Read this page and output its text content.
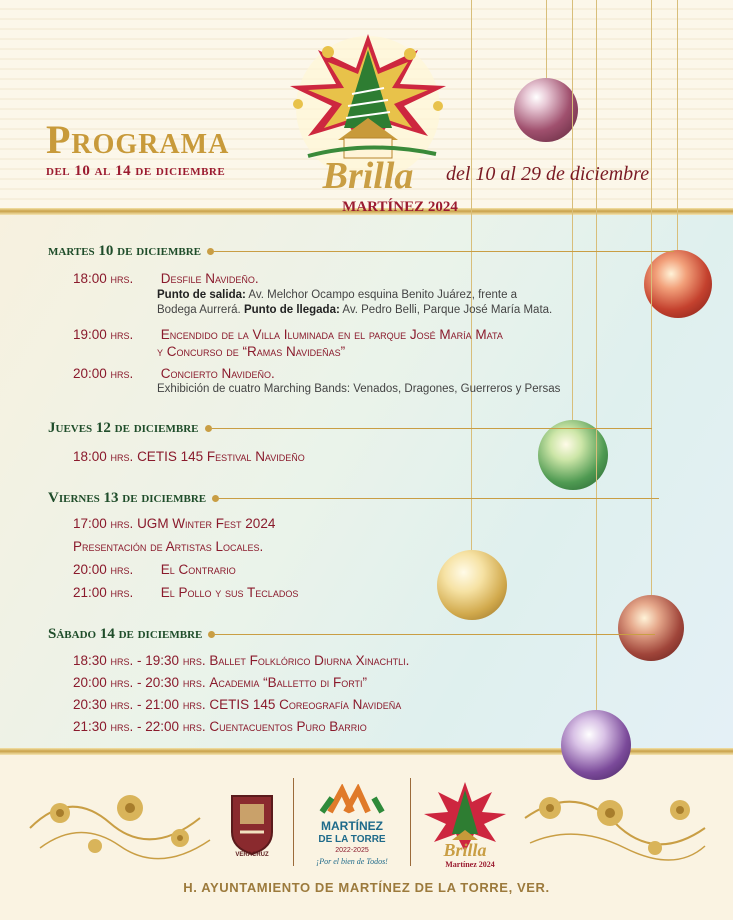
Programa
del 10 al 14 de diciembre	del 10 al 29 de diciembre
Brilla
MARTÍNEZ 2024
martes 10 de diciembre
18:00 hrs. Desfile Navideño.
Punto de salida: Av. Melchor Ocampo esquina Benito Juárez, frente a
Bodega Aurrerá. Punto de llegada: Av. Pedro Belli, Parque José María Mata.
19:00 hrs. Encendido de la Villa Iluminada en el parque José María Mata
y Concurso de “Ramas Navideñas”
20:00 hrs. Concierto Navideño.
Exhibición de cuatro Marching Bands: Venados, Dragones, Guerreros y Persas
Jueves 12 de diciembre
18:00 hrs. CETIS 145 Festival Navideño
Viernes 13 de diciembre
17:00 hrs. UGM Winter Fest 2024
Presentación de Artistas Locales.
20:00 hrs. El Contrario
21:00 hrs. El Pollo y sus Teclados
Sábado 14 de diciembre
18:30 hrs. - 19:30 hrs. Ballet Folklórico Diurna Xinachtli.
20:00 hrs. - 20:30 hrs. Academia “Balletto di Forti”
20:30 hrs. - 21:00 hrs. CETIS 145 Coreografía Navideña
21:30 hrs. - 22:00 hrs. Cuentacuentos Puro Barrio
VERACRUZ
MARTÍNEZ
DE LA TORRE
2022-2025
¡Por el bien de Todos!
Brilla
Martínez 2024
H. AYUNTAMIENTO DE MARTÍNEZ DE LA TORRE, VER.
